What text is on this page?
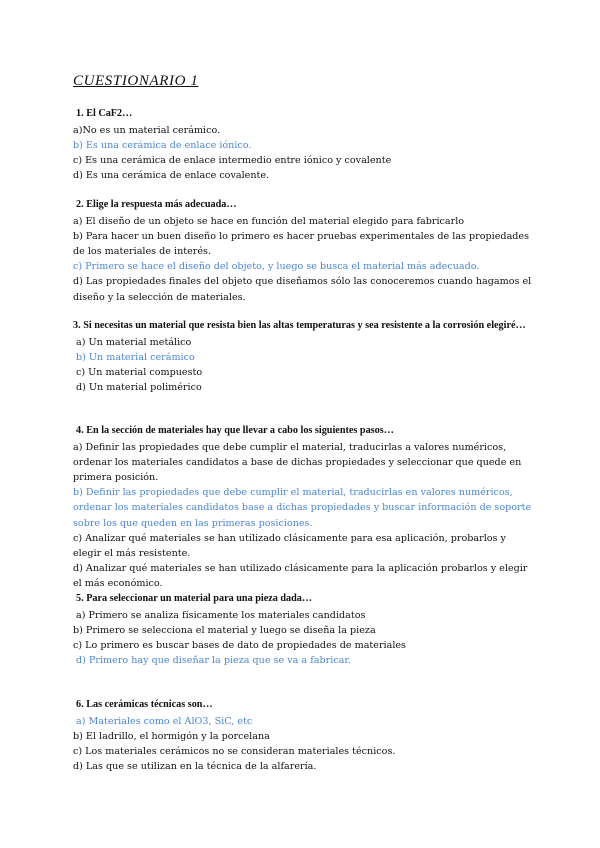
CUESTIONARIO 1

1. El CaF2…

a)No es un material cerámico.

b) Es una cerámica de enlace iónico.

c) Es una cerámica de enlace intermedio entre iónico y covalente

d) Es una cerámica de enlace covalente.

2. Elige la respuesta más adecuada…

a) El diseño de un objeto se hace en función del material elegido para fabricarlo

b) Para hacer un buen diseño lo primero es hacer pruebas experimentales de las propiedades de los materiales de interés.

c) Primero se hace el diseño del objeto, y luego se busca el material más adecuado.

d) Las propiedades finales del objeto que diseñamos sólo las conoceremos cuando hagamos el diseño y la selección de materiales.

3. Si necesitas un material que resista bien las altas temperaturas y sea resistente a la corrosión elegiré…

a) Un material metálico

b) Un material cerámico

c) Un material compuesto

d) Un material polimérico

4. En la sección de materiales hay que llevar a cabo los siguientes pasos…

a) Definir las propiedades que debe cumplir el material, traducirlas a valores numéricos, ordenar los materiales candidatos a base de dichas propiedades y seleccionar que quede en primera posición.

b) Definir las propiedades que debe cumplir el material, traducirlas en valores numéricos, ordenar los materiales candidatos base a dichas propiedades y buscar información de soporte sobre los que queden en las primeras posiciones.

c) Analizar qué materiales se han utilizado clásicamente para esa aplicación, probarlos y elegir el más resistente.

d) Analizar qué materiales se han utilizado clásicamente para la aplicación probarlos y elegir el más económico.

5. Para seleccionar un material para una pieza dada…

a) Primero se analiza físicamente los materiales candidatos

b) Primero se selecciona el material y luego se diseña la pieza

c) Lo primero es buscar bases de dato de propiedades de materiales

d) Primero hay que diseñar la pieza que se va a fabricar.

6. Las cerámicas técnicas son…

a) Materiales como el AlO3, SiC, etc

b) El ladrillo, el hormigón y la porcelana

c) Los materiales cerámicos no se consideran materiales técnicos.

d) Las que se utilizan en la técnica de la alfarería.
